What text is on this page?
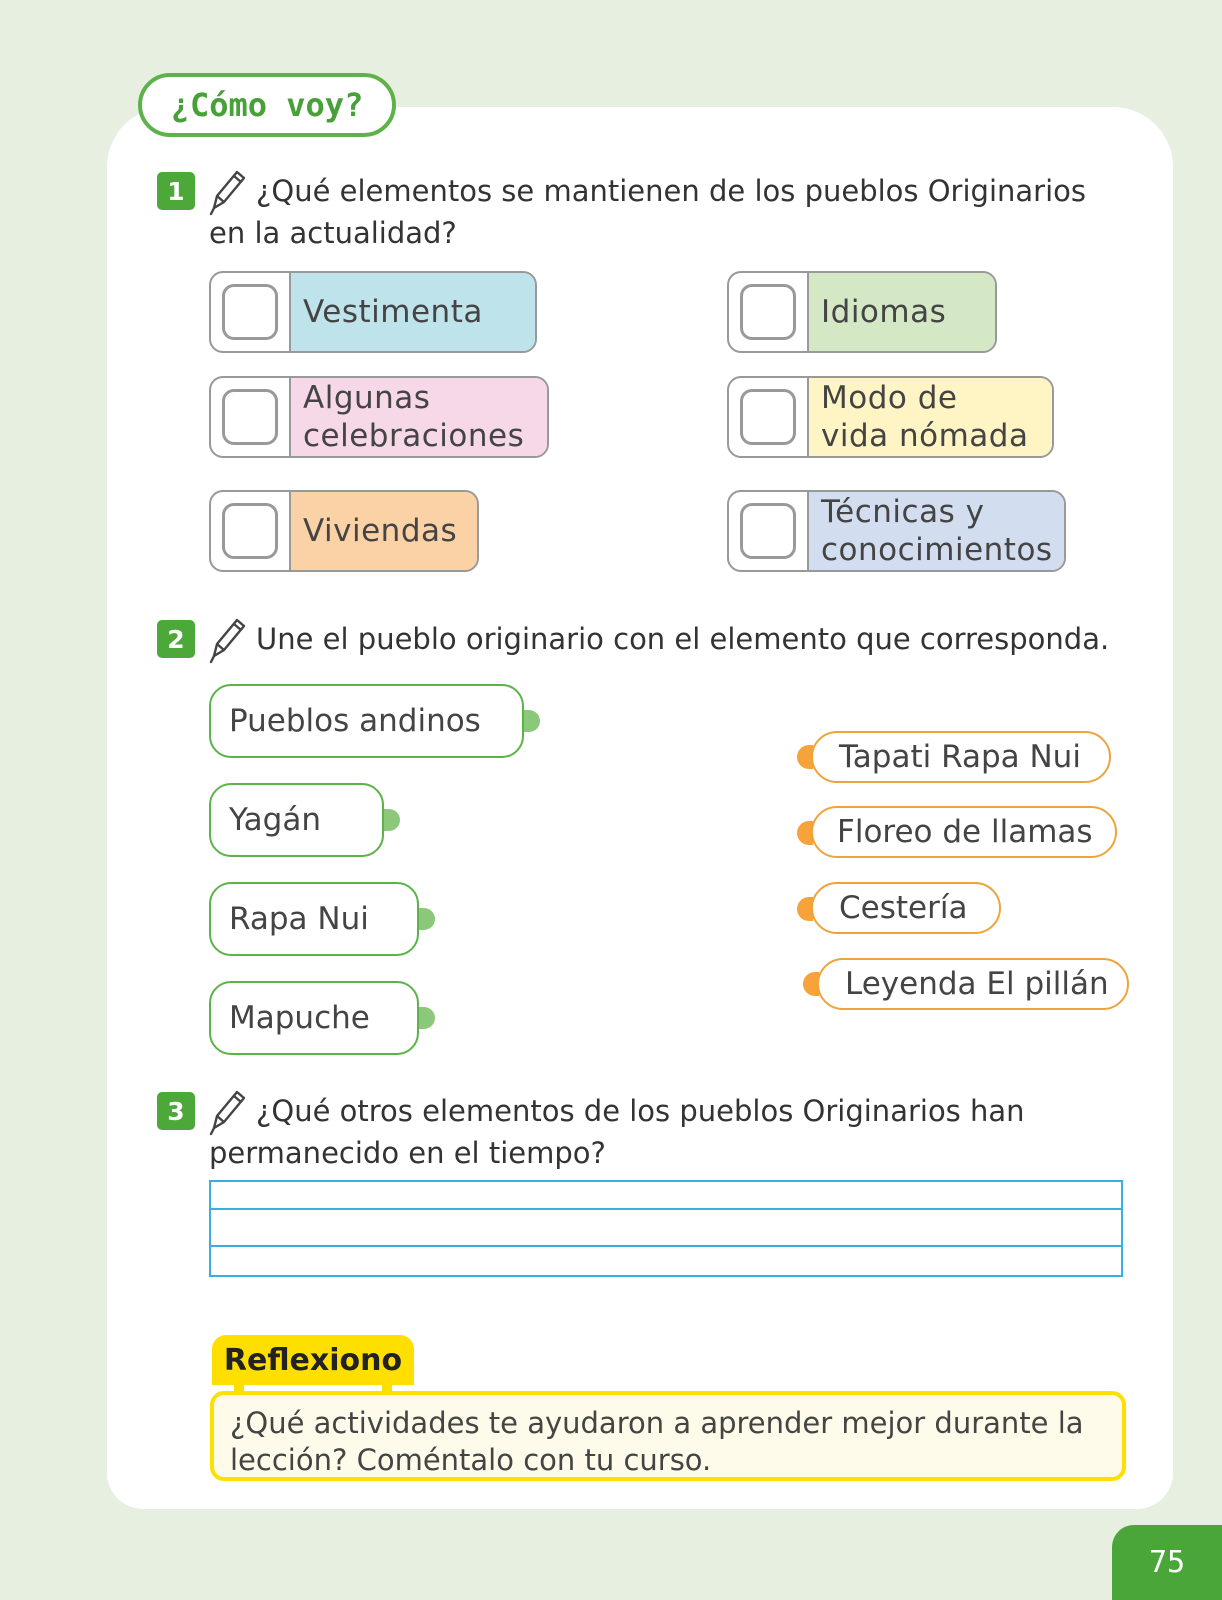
¿Cómo voy?
1	¿Qué elementos se mantienen de los pueblos Originarios
en la actualidad?
Vestimenta	Idiomas
Algunas
celebraciones
Modo de
vida nómada
Viviendas
Técnicas y
conocimientos
2	Une el pueblo originario con el elemento que corresponda.
Pueblos andinos
Yagán
Rapa Nui
Mapuche
Tapati Rapa Nui
Floreo de llamas
Cestería
Leyenda El pillán
3	¿Qué otros elementos de los pueblos Originarios han
permanecido en el tiempo?
Reflexiono
¿Qué actividades te ayudaron a aprender mejor durante la
lección? Coméntalo con tu curso.
75
